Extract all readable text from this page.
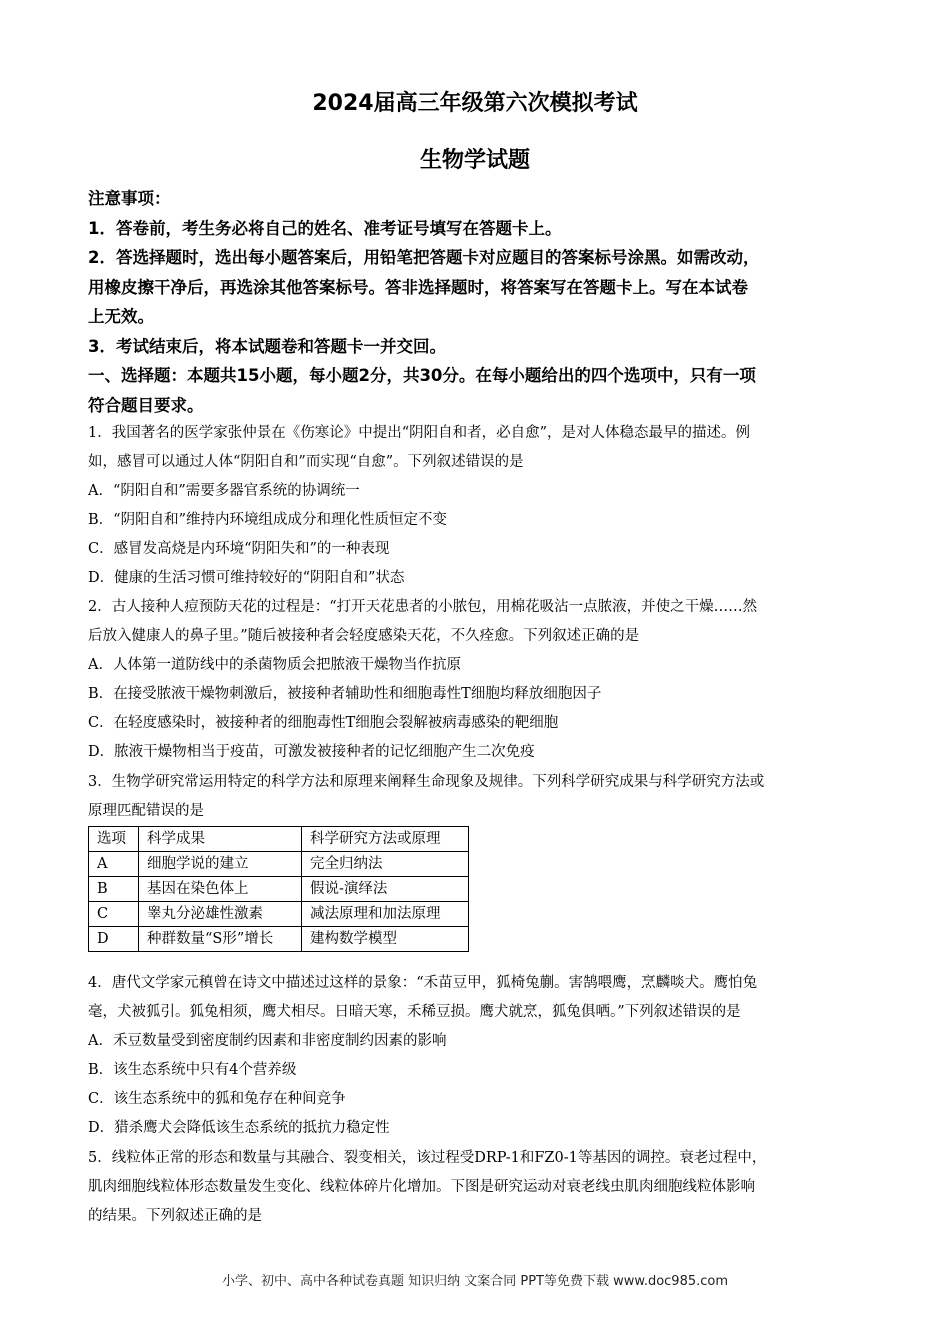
2024届高三年级第六次模拟考试
生物学试题

注意事项：

1．答卷前，考生务必将自己的姓名、准考证号填写在答题卡上。

2．答选择题时，选出每小题答案后，用铅笔把答题卡对应题目的答案标号涂黑。如需改动，

用橡皮擦干净后，再选涂其他答案标号。答非选择题时，将答案写在答题卡上。写在本试卷

上无效。

3．考试结束后，将本试题卷和答题卡一并交回。

一、选择题：本题共15小题，每小题2分，共30分。在每小题给出的四个选项中，只有一项

符合题目要求。

1．我国著名的医学家张仲景在《伤寒论》中提出“阴阳自和者，必自愈”，是对人体稳态最早的描述。例

如，感冒可以通过人体“阴阳自和”而实现“自愈”。下列叙述错误的是

A．“阴阳自和”需要多器官系统的协调统一

B．“阴阳自和”维持内环境组成成分和理化性质恒定不变

C．感冒发高烧是内环境“阴阳失和”的一种表现

D．健康的生活习惯可维持较好的“阴阳自和”状态

2．古人接种人痘预防天花的过程是：“打开天花患者的小脓包，用棉花吸沾一点脓液，并使之干燥……然

后放入健康人的鼻子里。”随后被接种者会轻度感染天花，不久痊愈。下列叙述正确的是

A．人体第一道防线中的杀菌物质会把脓液干燥物当作抗原

B．在接受脓液干燥物刺激后，被接种者辅助性和细胞毒性T细胞均释放细胞因子

C．在轻度感染时，被接种者的细胞毒性T细胞会裂解被病毒感染的靶细胞

D．脓液干燥物相当于疫苗，可激发被接种者的记忆细胞产生二次免疫

3．生物学研究常运用特定的科学方法和原理来阐释生命现象及规律。下列科学研究成果与科学研究方法或

原理匹配错误的是

选项	科学成果	科学研究方法或原理
A	细胞学说的建立	完全归纳法
B	基因在染色体上	假说-演绎法
C	睾丸分泌雄性激素	减法原理和加法原理
D	种群数量“S形”增长	建构数学模型

4．唐代文学家元稹曾在诗文中描述过这样的景象：“禾苗豆甲，狐椅兔蒯。害鹄喂鹰，烹麟啖犬。鹰怕兔

毫，犬被狐引。狐兔相须，鹰犬相尽。日暗天寒，禾稀豆损。鹰犬就烹，狐兔俱哂。”下列叙述错误的是

A．禾豆数量受到密度制约因素和非密度制约因素的影响

B．该生态系统中只有4个营养级

C．该生态系统中的狐和兔存在种间竞争

D．猎杀鹰犬会降低该生态系统的抵抗力稳定性

5．线粒体正常的形态和数量与其融合、裂变相关，该过程受DRP-1和FZ0-1等基因的调控。衰老过程中，

肌肉细胞线粒体形态数量发生变化、线粒体碎片化增加。下图是研究运动对衰老线虫肌肉细胞线粒体影响

的结果。下列叙述正确的是

小学、初中、高中各种试卷真题 知识归纳 文案合同 PPT等免费下载 www.doc985.com
